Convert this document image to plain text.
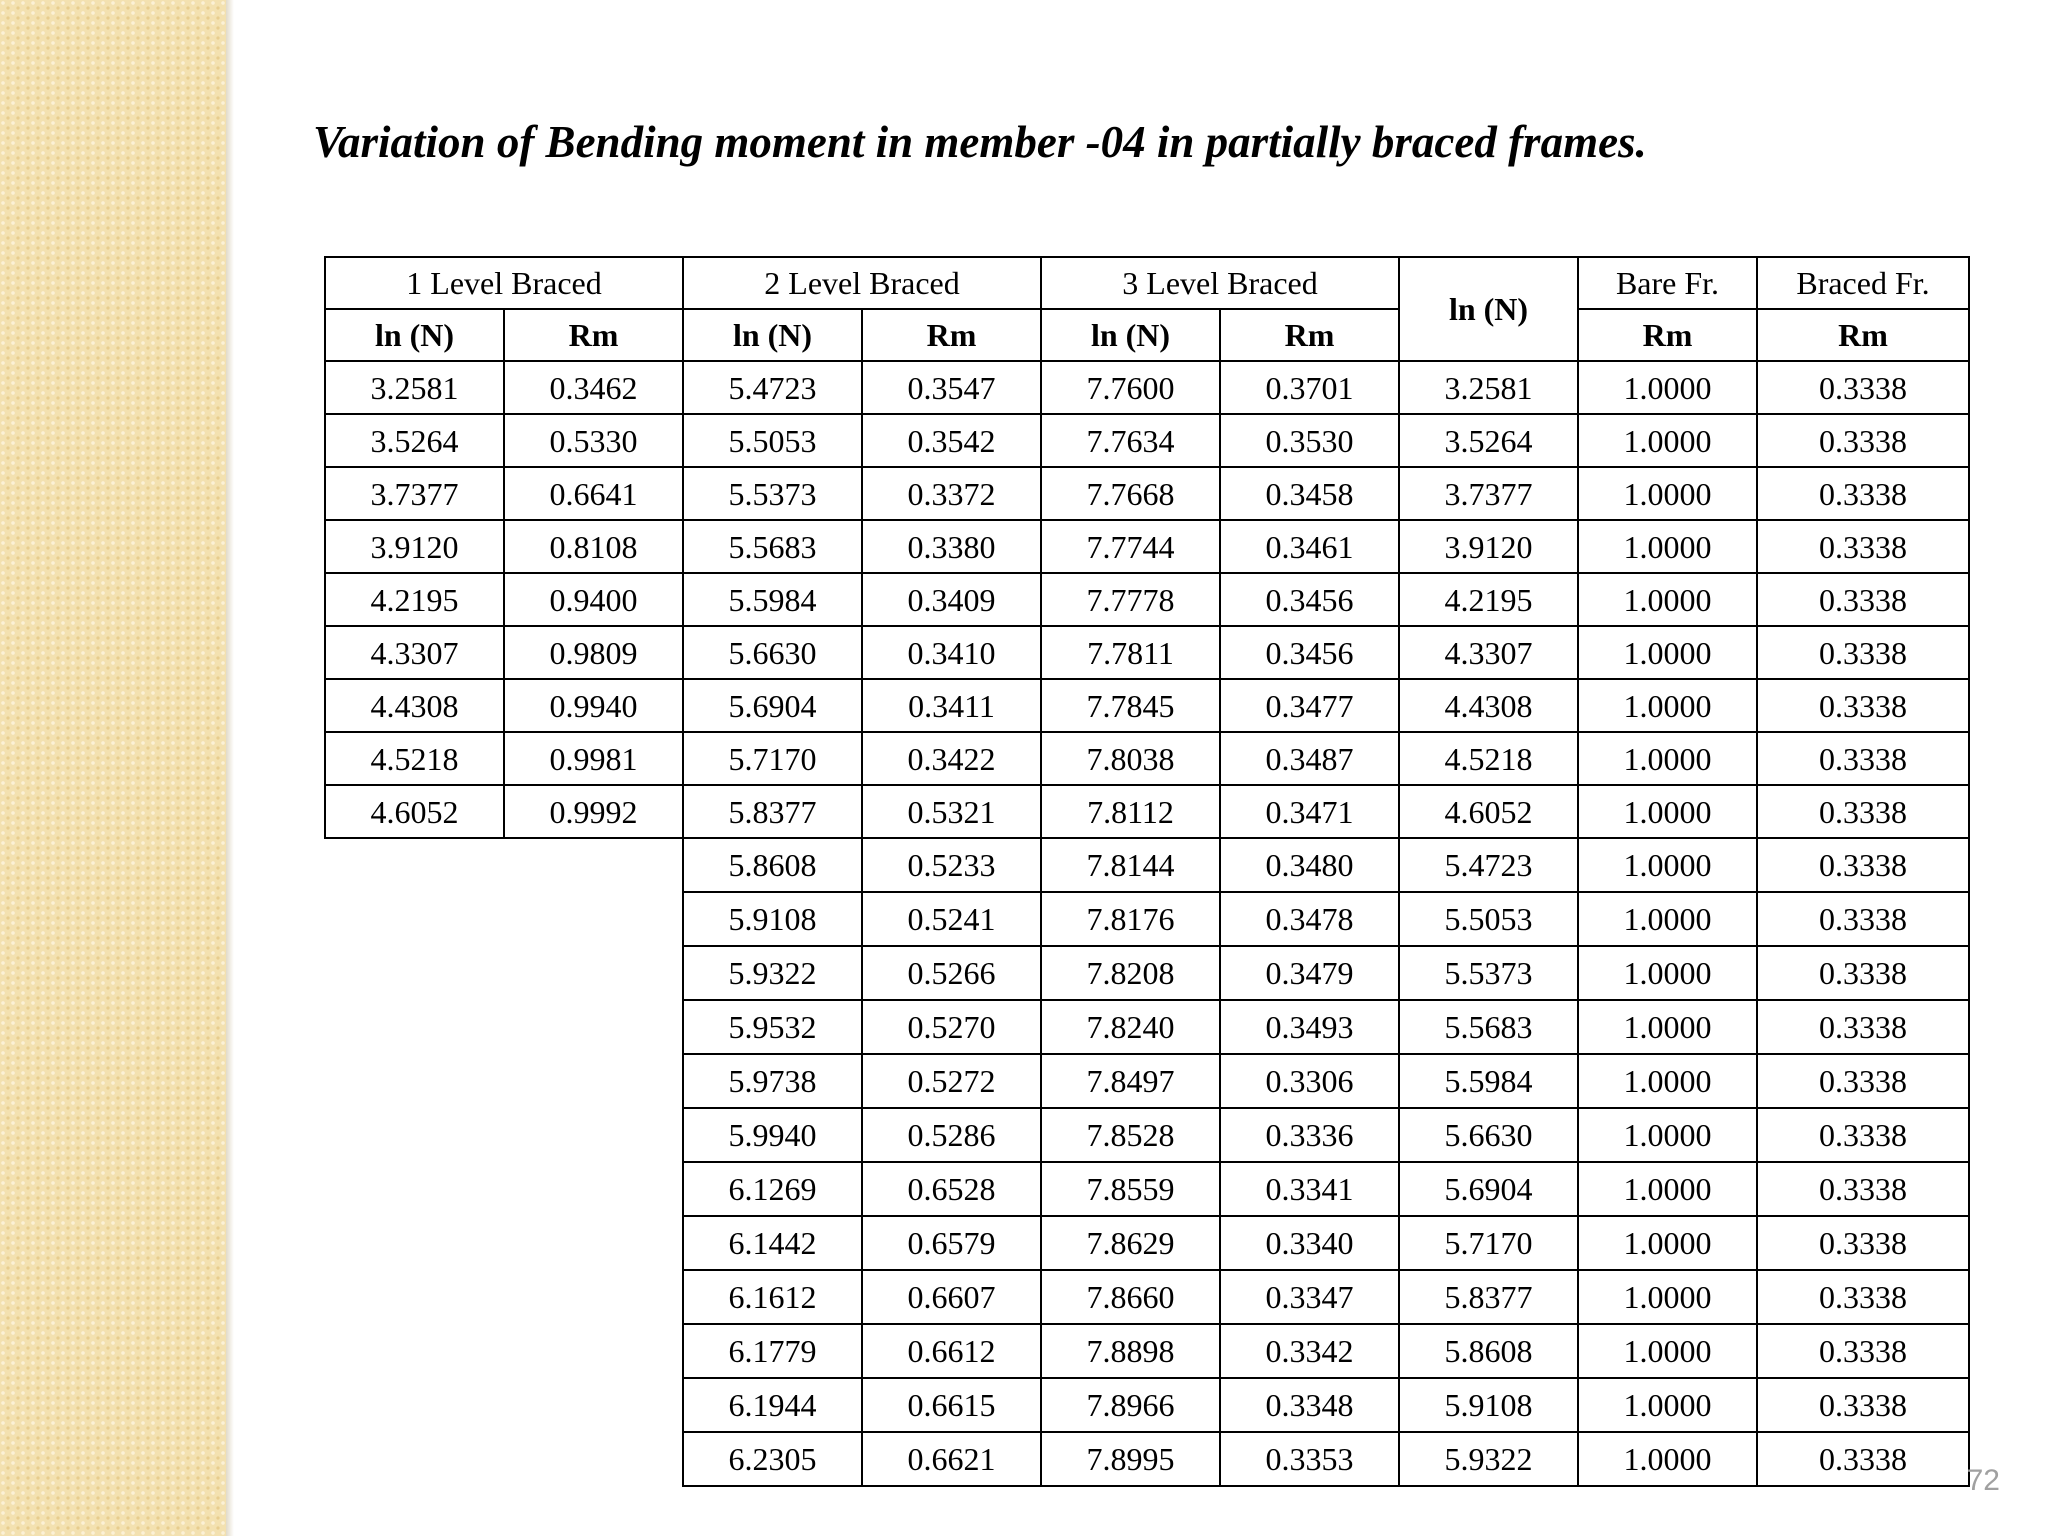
Variation of Bending moment in member -04 in partially braced frames.
1 Level Braced		2 Level Braced		3 Level Braced		ln (N)	Bare Fr.	Braced Fr.
ln (N)	Rm	ln (N)	Rm	ln (N)	Rm		Rm	Rm
3.2581	0.3462	5.4723	0.3547	7.7600	0.3701	3.2581	1.0000	0.3338
3.5264	0.5330	5.5053	0.3542	7.7634	0.3530	3.5264	1.0000	0.3338
3.7377	0.6641	5.5373	0.3372	7.7668	0.3458	3.7377	1.0000	0.3338
3.9120	0.8108	5.5683	0.3380	7.7744	0.3461	3.9120	1.0000	0.3338
4.2195	0.9400	5.5984	0.3409	7.7778	0.3456	4.2195	1.0000	0.3338
4.3307	0.9809	5.6630	0.3410	7.7811	0.3456	4.3307	1.0000	0.3338
4.4308	0.9940	5.6904	0.3411	7.7845	0.3477	4.4308	1.0000	0.3338
4.5218	0.9981	5.7170	0.3422	7.8038	0.3487	4.5218	1.0000	0.3338
4.6052	0.9992	5.8377	0.5321	7.8112	0.3471	4.6052	1.0000	0.3338
		5.8608	0.5233	7.8144	0.3480	5.4723	1.0000	0.3338
		5.9108	0.5241	7.8176	0.3478	5.5053	1.0000	0.3338
		5.9322	0.5266	7.8208	0.3479	5.5373	1.0000	0.3338
		5.9532	0.5270	7.8240	0.3493	5.5683	1.0000	0.3338
		5.9738	0.5272	7.8497	0.3306	5.5984	1.0000	0.3338
		5.9940	0.5286	7.8528	0.3336	5.6630	1.0000	0.3338
		6.1269	0.6528	7.8559	0.3341	5.6904	1.0000	0.3338
		6.1442	0.6579	7.8629	0.3340	5.7170	1.0000	0.3338
		6.1612	0.6607	7.8660	0.3347	5.8377	1.0000	0.3338
		6.1779	0.6612	7.8898	0.3342	5.8608	1.0000	0.3338
		6.1944	0.6615	7.8966	0.3348	5.9108	1.0000	0.3338
		6.2305	0.6621	7.8995	0.3353	5.9322	1.0000	0.3338
72
